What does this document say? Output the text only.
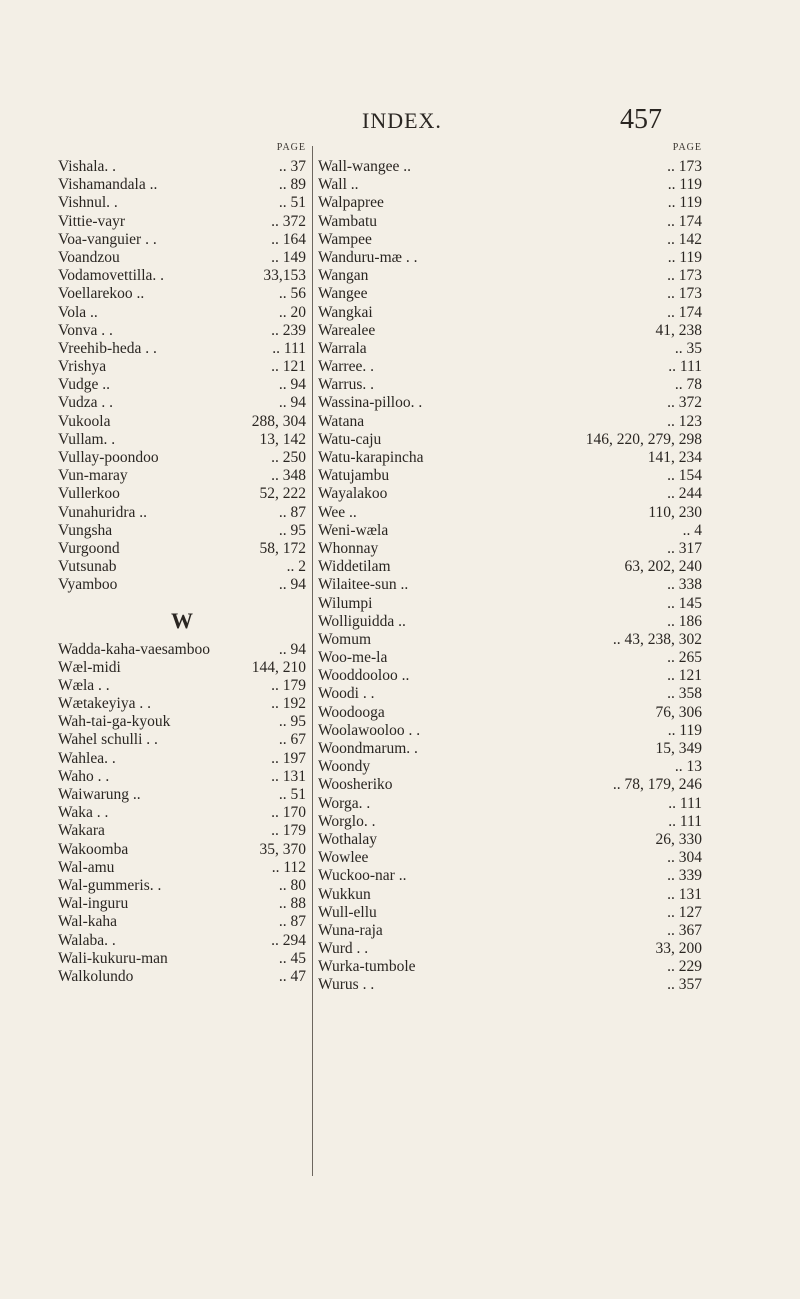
INDEX.	457
PAGE
Vishala. .	.. 37
Vishamandala ..	.. 89
Vishnul. .	.. 51
Vittie-vayr	.. 372
Voa-vanguier . .	.. 164
Voandzou	.. 149
Vodamovettilla. .	33,153
Voellarekoo ..	.. 56
Vola ..	.. 20
Vonva . .	.. 239
Vreehib-heda . .	.. 111
Vrishya	.. 121
Vudge ..	.. 94
Vudza . .	.. 94
Vukoola	288, 304
Vullam. .	13, 142
Vullay-poondoo	.. 250
Vun-maray	.. 348
Vullerkoo	52, 222
Vunahuridra ..	.. 87
Vungsha	.. 95
Vurgoond	58, 172
Vutsunab	.. 2
Vyamboo	.. 94
W
Wadda-kaha-vaesamboo	.. 94
Wæl-midi	144, 210
Wæla . .	.. 179
Wætakeyiya . .	.. 192
Wah-tai-ga-kyouk	.. 95
Wahel schulli . .	.. 67
Wahlea. .	.. 197
Waho . .	.. 131
Waiwarung ..	.. 51
Waka . .	.. 170
Wakara	.. 179
Wakoomba	35, 370
Wal-amu	.. 112
Wal-gummeris. .	.. 80
Wal-inguru	.. 88
Wal-kaha	.. 87
Walaba. .	.. 294
Wali-kukuru-man	.. 45
Walkolundo	.. 47
PAGE
Wall-wangee ..	.. 173
Wall ..	.. 119
Walpapree	.. 119
Wambatu	.. 174
Wampee	.. 142
Wanduru-mæ . .	.. 119
Wangan	.. 173
Wangee	.. 173
Wangkai	.. 174
Warealee	41, 238
Warrala	.. 35
Warree. .	.. 111
Warrus. .	.. 78
Wassina-pilloo. .	.. 372
Watana	.. 123
Watu-caju	146, 220, 279, 298
Watu-karapincha	141, 234
Watujambu	.. 154
Wayalakoo	.. 244
Wee ..	110, 230
Weni-wæla	.. 4
Whonnay	.. 317
Widdetilam	63, 202, 240
Wilaitee-sun ..	.. 338
Wilumpi	.. 145
Wolliguidda ..	.. 186
Womum	.. 43, 238, 302
Woo-me-la	.. 265
Wooddooloo ..	.. 121
Woodi . .	.. 358
Woodooga	76, 306
Woolawooloo . .	.. 119
Woondmarum. .	15, 349
Woondy	.. 13
Woosheriko	.. 78, 179, 246
Worga. .	.. 111
Worglo. .	.. 111
Wothalay	26, 330
Wowlee	.. 304
Wuckoo-nar ..	.. 339
Wukkun	.. 131
Wull-ellu	.. 127
Wuna-raja	.. 367
Wurd . .	33, 200
Wurka-tumbole	.. 229
Wurus . .	.. 357
